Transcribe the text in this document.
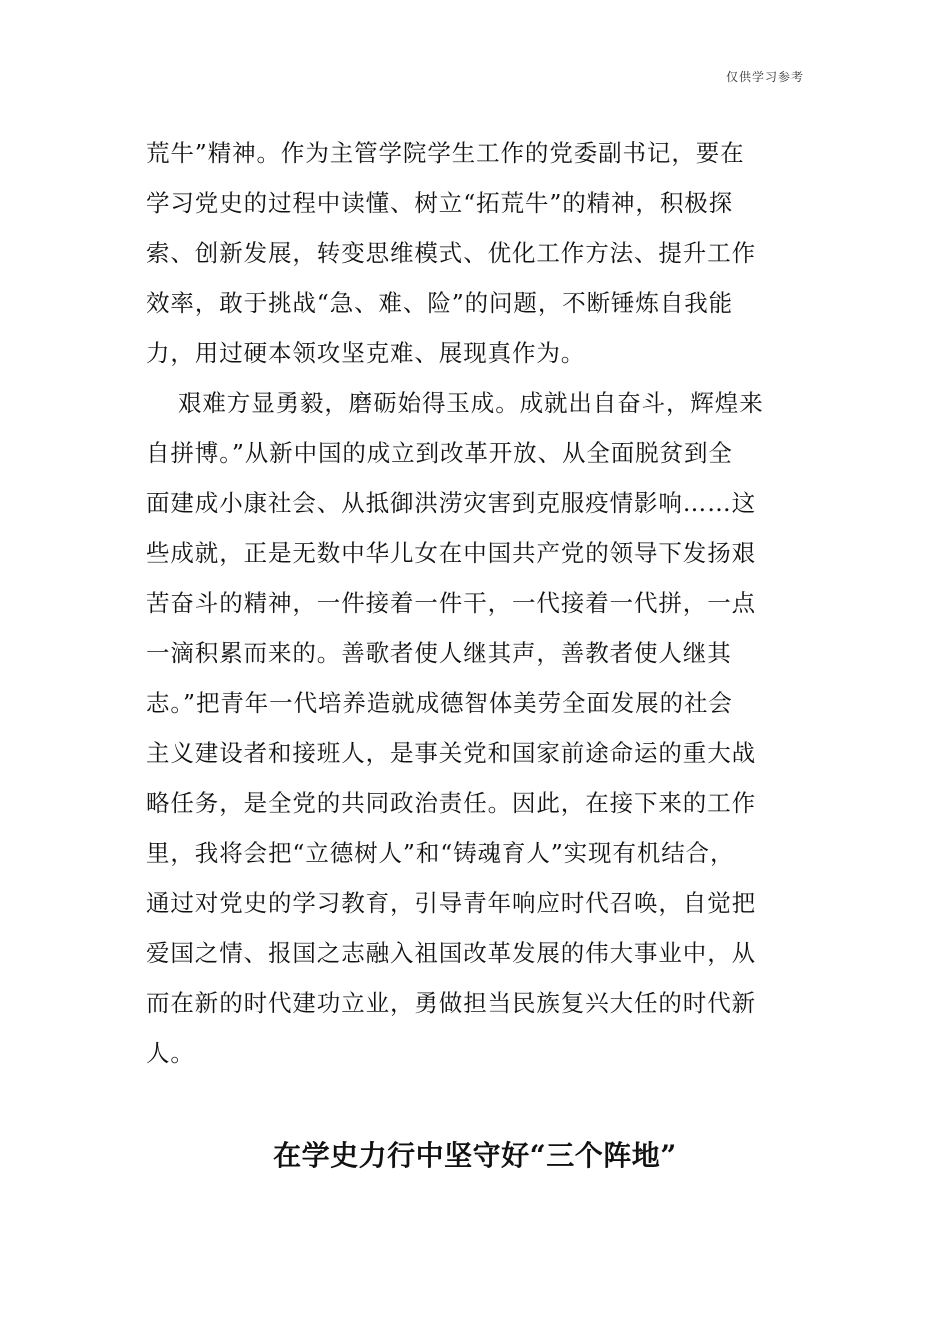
仅供学习参考
荒牛”精神。作为主管学院学生工作的党委副书记，要在
学习党史的过程中读懂、树立“拓荒牛”的精神，积极探
索、创新发展，转变思维模式、优化工作方法、提升工作
效率，敢于挑战“急、难、险”的问题，不断锤炼自我能
力，用过硬本领攻坚克难、展现真作为。
艰难方显勇毅，磨砺始得玉成。成就出自奋斗，辉煌来
自拼博。”从新中国的成立到改革开放、从全面脱贫到全
面建成小康社会、从抵御洪涝灾害到克服疫情影响……这
些成就，正是无数中华儿女在中国共产党的领导下发扬艰
苦奋斗的精神，一件接着一件干，一代接着一代拼，一点
一滴积累而来的。善歌者使人继其声，善教者使人继其
志。”把青年一代培养造就成德智体美劳全面发展的社会
主义建设者和接班人，是事关党和国家前途命运的重大战
略任务，是全党的共同政治责任。因此，在接下来的工作
里，我将会把“立德树人”和“铸魂育人”实现有机结合，
通过对党史的学习教育，引导青年响应时代召唤，自觉把
爱国之情、报国之志融入祖国改革发展的伟大事业中，从
而在新的时代建功立业，勇做担当民族复兴大任的时代新
人。
在学史力行中坚守好“三个阵地”
